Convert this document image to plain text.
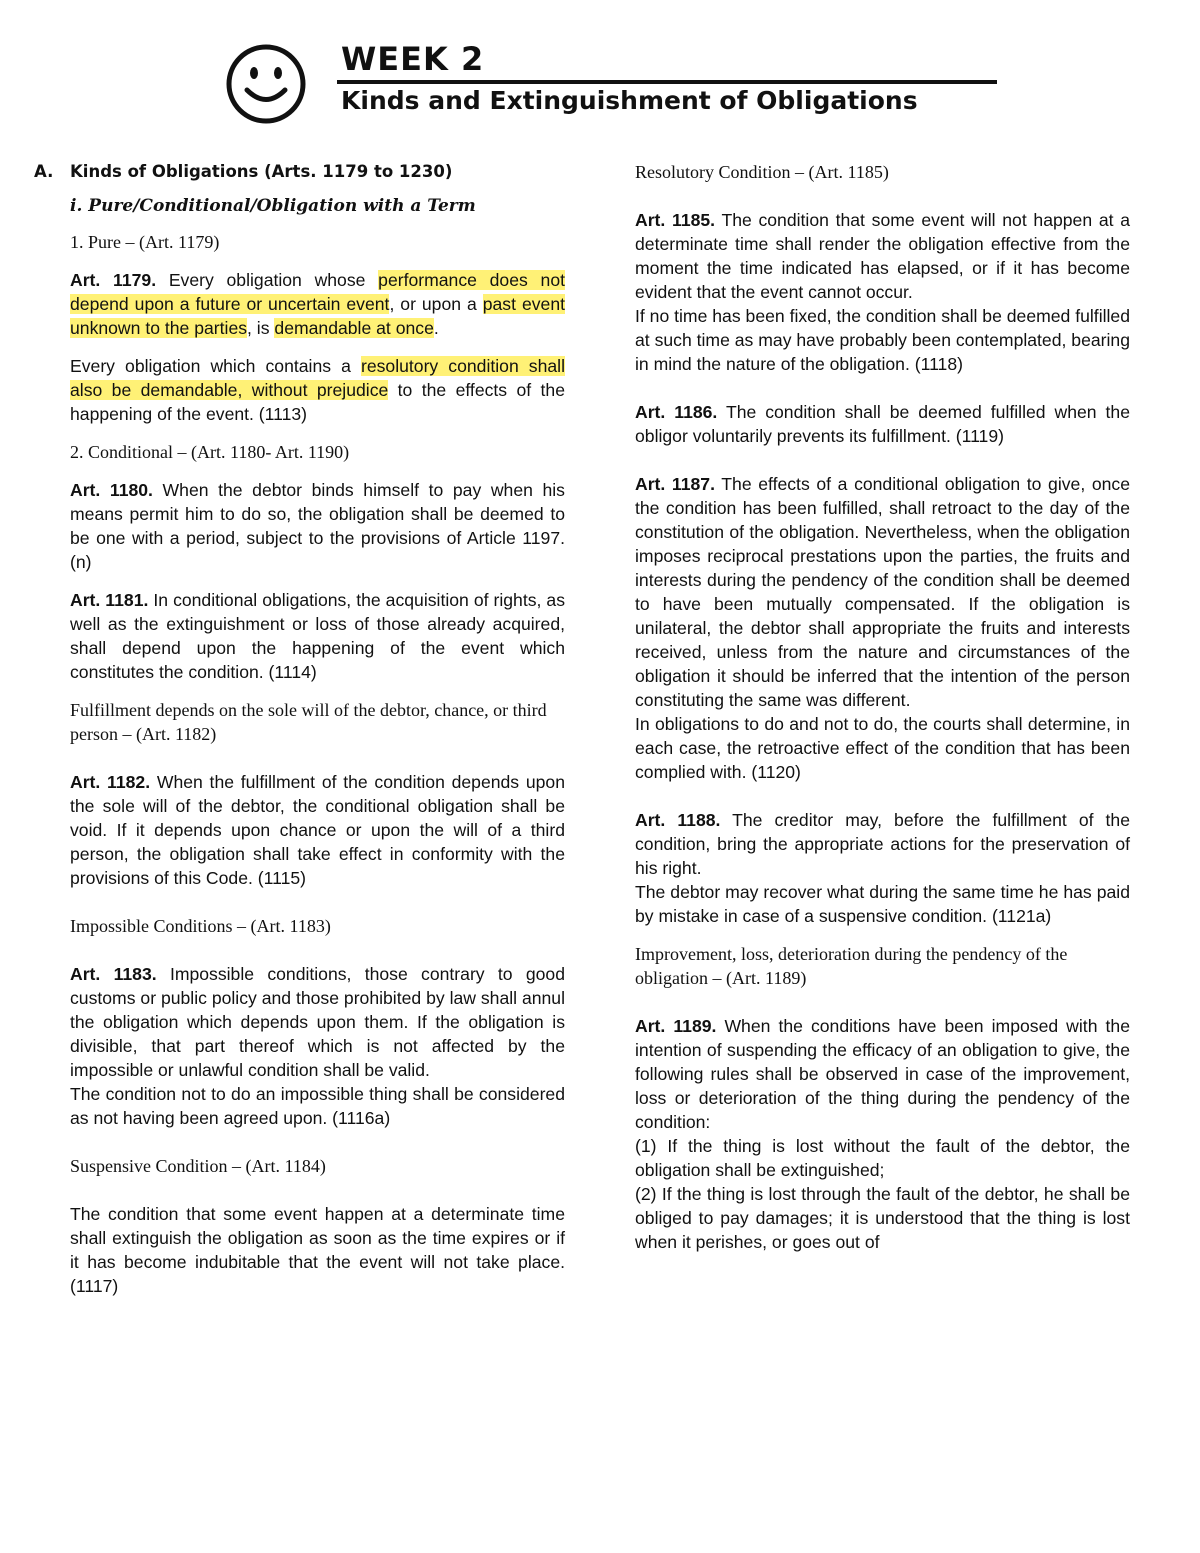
WEEK 2
Kinds and Extinguishment of Obligations

A. Kinds of Obligations (Arts. 1179 to 1230)

i. Pure/Conditional/Obligation with a Term

1. Pure – (Art. 1179)

Art. 1179. Every obligation whose performance does not depend upon a future or uncertain event, or upon a past event unknown to the parties, is demandable at once.

Every obligation which contains a resolutory condition shall also be demandable, without prejudice to the effects of the happening of the event. (1113)

2. Conditional – (Art. 1180- Art. 1190)

Art. 1180. When the debtor binds himself to pay when his means permit him to do so, the obligation shall be deemed to be one with a period, subject to the provisions of Article 1197. (n)

Art. 1181. In conditional obligations, the acquisition of rights, as well as the extinguishment or loss of those already acquired, shall depend upon the happening of the event which constitutes the condition. (1114)

Fulfillment depends on the sole will of the debtor, chance, or third person – (Art. 1182)

Art. 1182. When the fulfillment of the condition depends upon the sole will of the debtor, the conditional obligation shall be void. If it depends upon chance or upon the will of a third person, the obligation shall take effect in conformity with the provisions of this Code. (1115)

Impossible Conditions – (Art. 1183)

Art. 1183. Impossible conditions, those contrary to good customs or public policy and those prohibited by law shall annul the obligation which depends upon them. If the obligation is divisible, that part thereof which is not affected by the impossible or unlawful condition shall be valid.

The condition not to do an impossible thing shall be considered as not having been agreed upon. (1116a)

Suspensive Condition – (Art. 1184)

The condition that some event happen at a determinate time shall extinguish the obligation as soon as the time expires or if it has become indubitable that the event will not take place. (1117)

Resolutory Condition – (Art. 1185)

Art. 1185. The condition that some event will not happen at a determinate time shall render the obligation effective from the moment the time indicated has elapsed, or if it has become evident that the event cannot occur.

If no time has been fixed, the condition shall be deemed fulfilled at such time as may have probably been contemplated, bearing in mind the nature of the obligation. (1118)

Art. 1186. The condition shall be deemed fulfilled when the obligor voluntarily prevents its fulfillment. (1119)

Art. 1187. The effects of a conditional obligation to give, once the condition has been fulfilled, shall retroact to the day of the constitution of the obligation. Nevertheless, when the obligation imposes reciprocal prestations upon the parties, the fruits and interests during the pendency of the condition shall be deemed to have been mutually compensated. If the obligation is unilateral, the debtor shall appropriate the fruits and interests received, unless from the nature and circumstances of the obligation it should be inferred that the intention of the person constituting the same was different.

In obligations to do and not to do, the courts shall determine, in each case, the retroactive effect of the condition that has been complied with. (1120)

Art. 1188. The creditor may, before the fulfillment of the condition, bring the appropriate actions for the preservation of his right.

The debtor may recover what during the same time he has paid by mistake in case of a suspensive condition. (1121a)

Improvement, loss, deterioration during the pendency of the obligation – (Art. 1189)

Art. 1189. When the conditions have been imposed with the intention of suspending the efficacy of an obligation to give, the following rules shall be observed in case of the improvement, loss or deterioration of the thing during the pendency of the condition:

(1) If the thing is lost without the fault of the debtor, the obligation shall be extinguished;

(2) If the thing is lost through the fault of the debtor, he shall be obliged to pay damages; it is understood that the thing is lost when it perishes, or goes out of
